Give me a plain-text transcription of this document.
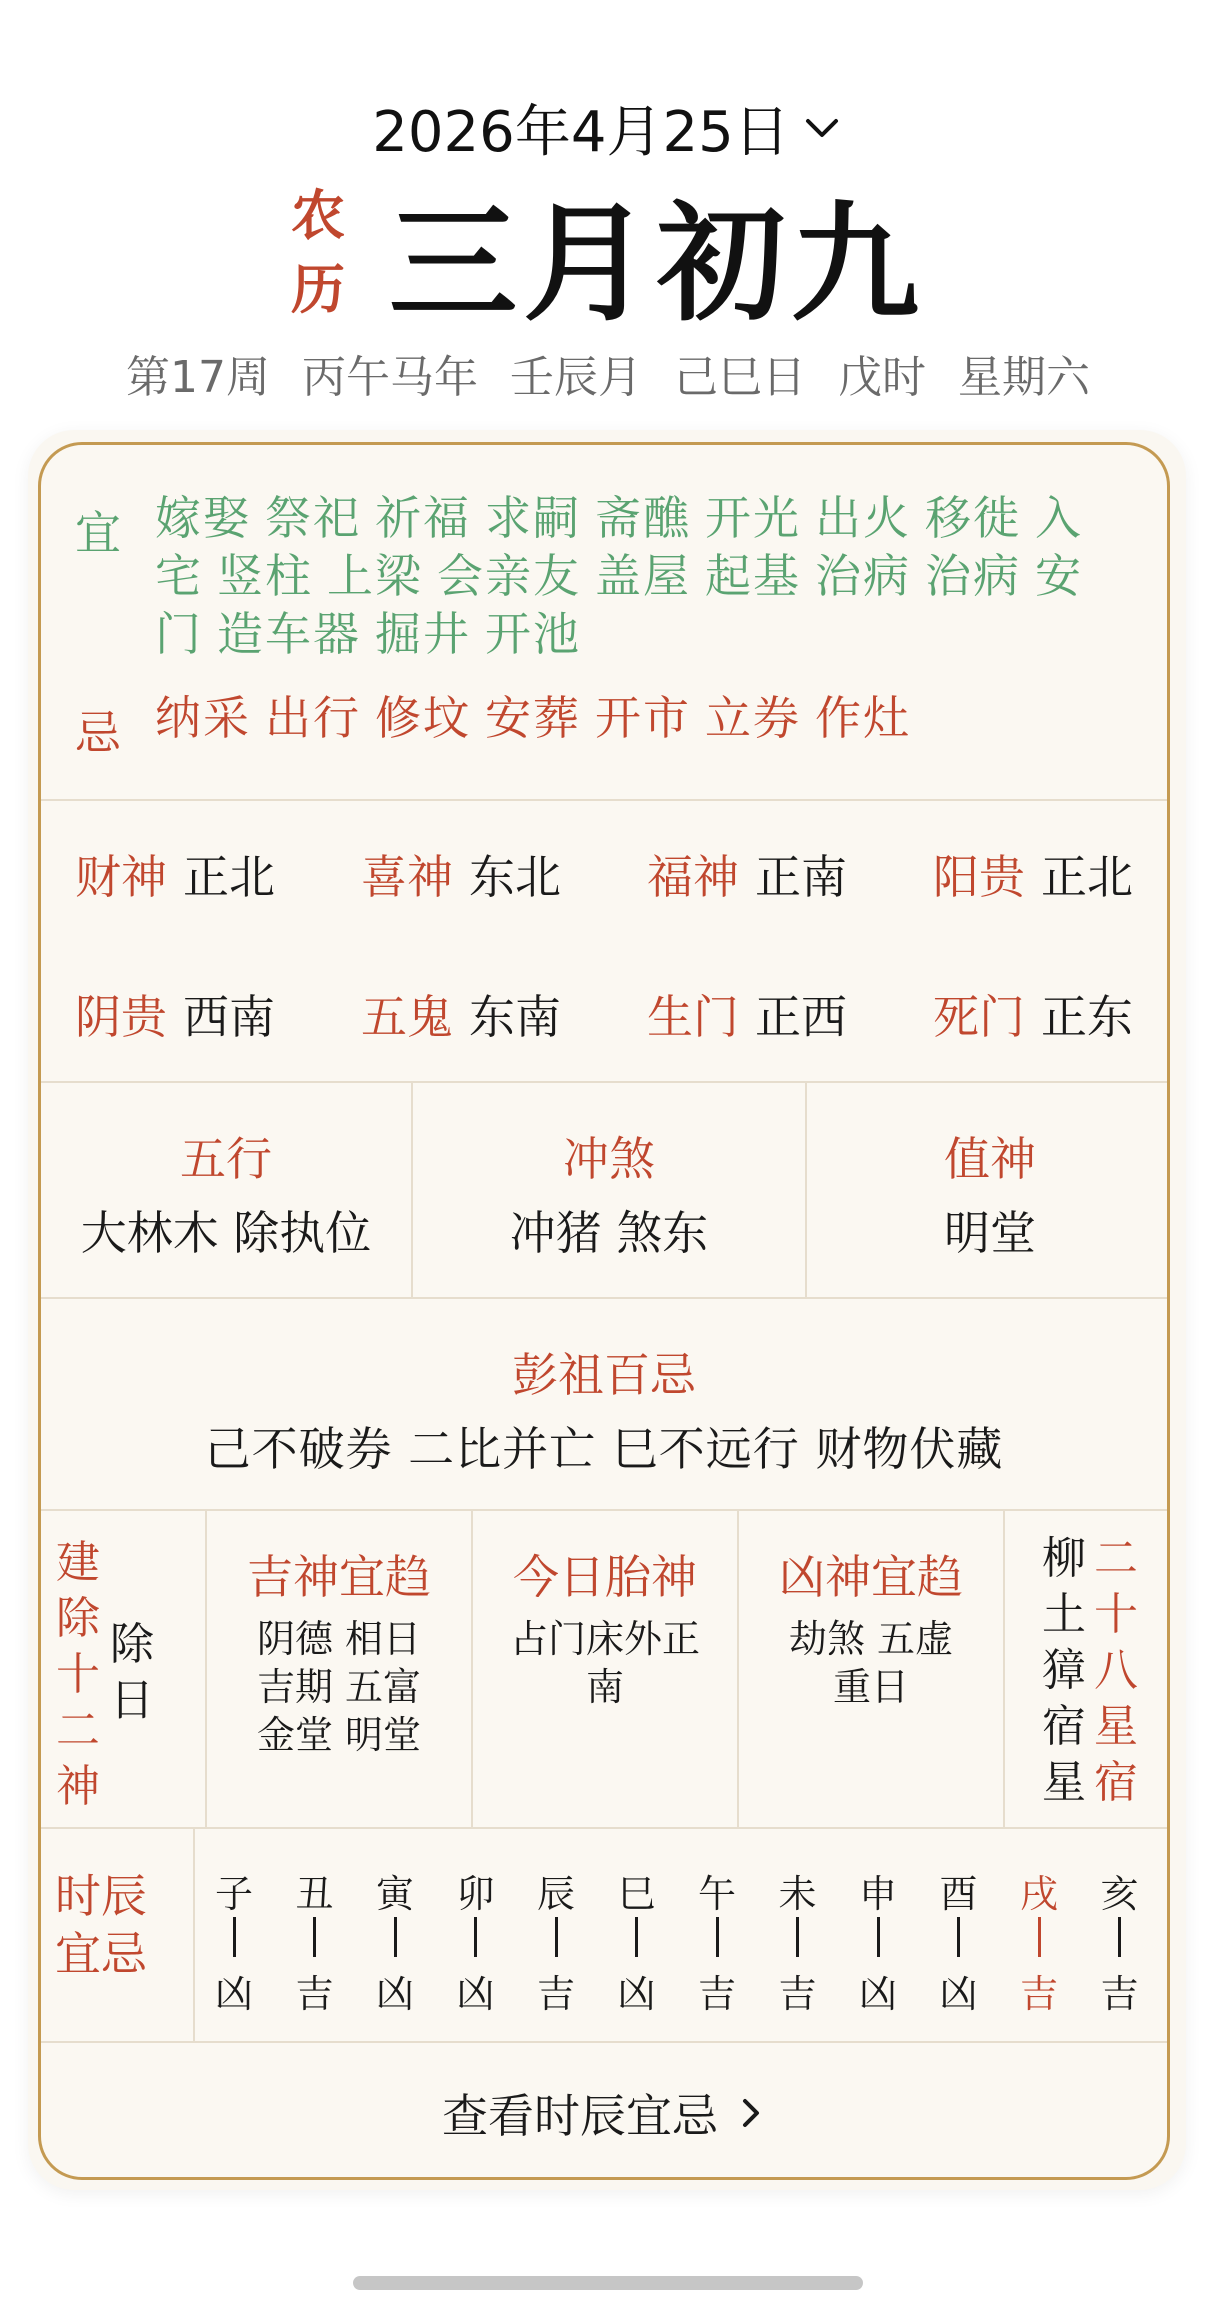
2026年4月25日
农
历 三月初九
第17周 丙午马年 壬辰月 己巳日 戊时 星期六
宜 嫁娶 祭祀 祈福 求嗣 斋醮 开光 出火 移徙 入宅 竖柱 上梁 会亲友 盖屋 起基 治病 治病 安门 造车器 掘井 开池
忌 纳采 出行 修坟 安葬 开市 立券 作灶
财神 正北 喜神 东北 福神 正南 阳贵 正北
阴贵 西南 五鬼 东南 生门 正西 死门 正东
五行
大林木 除执位
冲煞
冲猪 煞东
值神
明堂
彭祖百忌
己不破券 二比并亡 巳不远行 财物伏藏
建
除
十
二
神
除
日
吉神宜趋
阴德 相日
吉期 五富
金堂 明堂
今日胎神
占门床外正
南
凶神宜趋
劫煞 五虚
重日
柳
土
獐
宿
星
二
十
八
星
宿
时辰
宜忌
子
凶
丑
吉
寅
凶
卯
凶
辰
吉
巳
凶
午
吉
未
吉
申
凶
酉
凶
戌
吉
亥
吉
查看时辰宜忌
